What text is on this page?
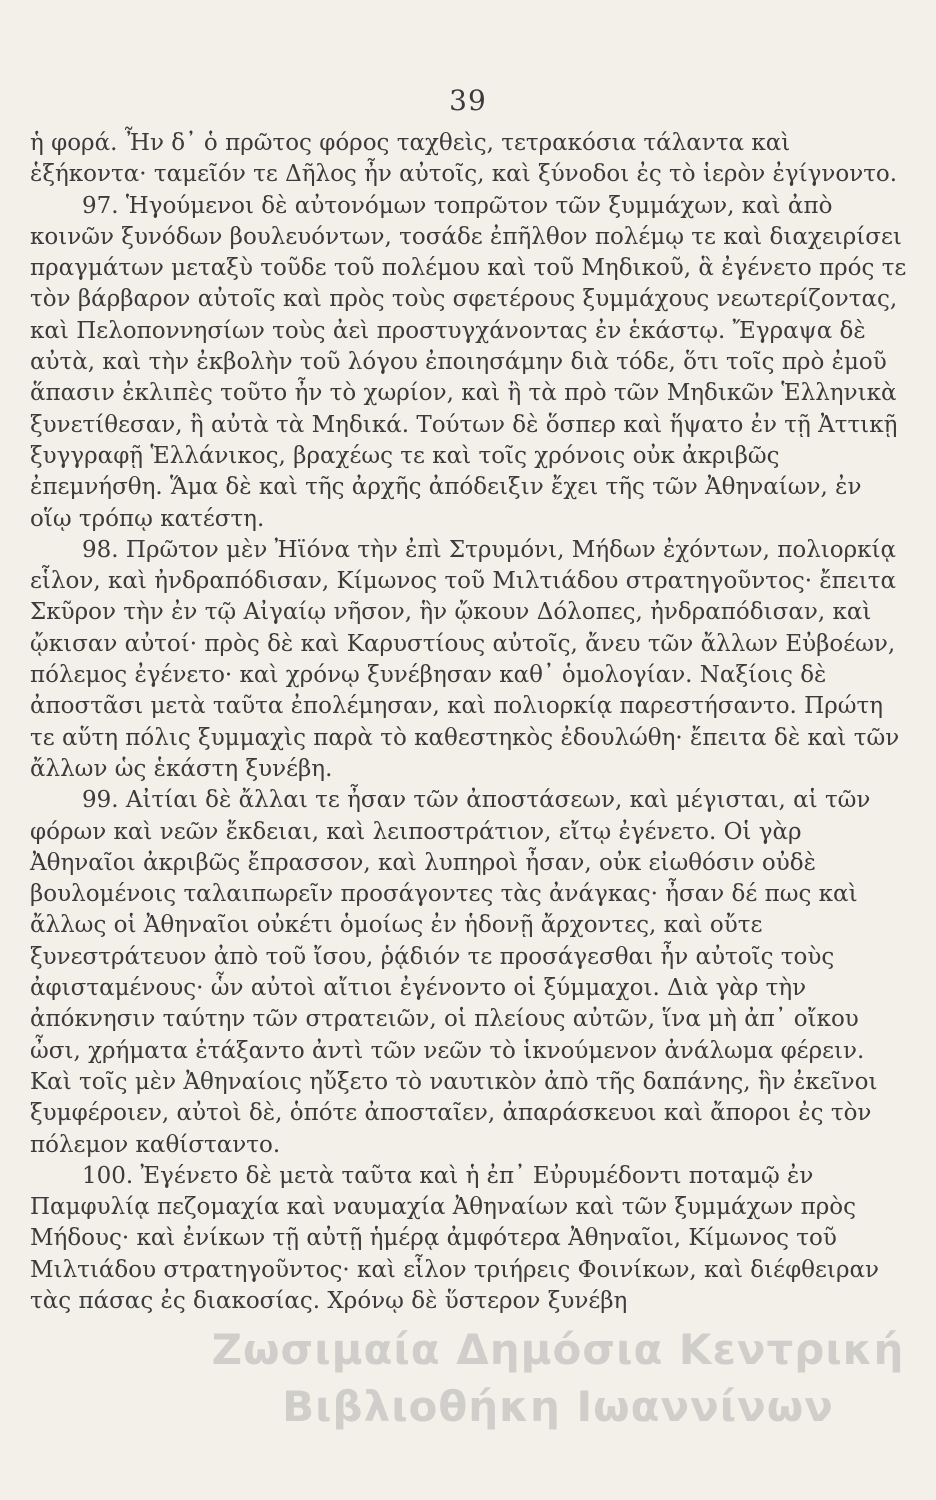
39

ἡ φορά. Ἦν δ᾽ ὁ πρῶτος φόρος ταχθεὶς, τετρακόσια τάλαντα καὶ ἑξήκοντα· ταμεῖόν τε Δῆλος ἦν αὐτοῖς, καὶ ξύνοδοι ἐς τὸ ἱερὸν ἐγίγνοντο.

97. Ἡγούμενοι δὲ αὐτονόμων τοπρῶτον τῶν ξυμμάχων, καὶ ἀπὸ κοινῶν ξυνόδων βουλευόντων, τοσάδε ἐπῆλθον πολέμῳ τε καὶ διαχειρίσει πραγμάτων μεταξὺ τοῦδε τοῦ πολέμου καὶ τοῦ Μηδικοῦ, ἃ ἐγένετο πρός τε τὸν βάρβαρον αὐτοῖς καὶ πρὸς τοὺς σφετέρους ξυμμάχους νεωτερίζοντας, καὶ Πελοποννησίων τοὺς ἀεὶ προστυγχάνοντας ἐν ἑκάστῳ. Ἔγραψα δὲ αὐτὰ, καὶ τὴν ἐκβολὴν τοῦ λόγου ἐποιησάμην διὰ τόδε, ὅτι τοῖς πρὸ ἐμοῦ ἅπασιν ἐκλιπὲς τοῦτο ἦν τὸ χωρίον, καὶ ἢ τὰ πρὸ τῶν Μηδικῶν Ἑλληνικὰ ξυνετίθεσαν, ἢ αὐτὰ τὰ Μηδικά. Τούτων δὲ ὅσπερ καὶ ἥψατο ἐν τῇ Ἀττικῇ ξυγγραφῇ Ἑλλάνικος, βραχέως τε καὶ τοῖς χρόνοις οὐκ ἀκριβῶς ἐπεμνήσθη. Ἅμα δὲ καὶ τῆς ἀρχῆς ἀπόδειξιν ἔχει τῆς τῶν Ἀθηναίων, ἐν οἵῳ τρόπῳ κατέστη.

98. Πρῶτον μὲν Ἠϊόνα τὴν ἐπὶ Στρυμόνι, Μήδων ἐχόντων, πολιορκίᾳ εἷλον, καὶ ἠνδραπόδισαν, Κίμωνος τοῦ Μιλτιάδου στρατηγοῦντος· ἔπειτα Σκῦρον τὴν ἐν τῷ Αἰγαίῳ νῆσον, ἣν ᾤκουν Δόλοπες, ἠνδραπόδισαν, καὶ ᾤκισαν αὐτοί· πρὸς δὲ καὶ Καρυστίους αὐτοῖς, ἄνευ τῶν ἄλλων Εὐβοέων, πόλεμος ἐγένετο· καὶ χρόνῳ ξυνέβησαν καθ᾽ ὁμολογίαν. Ναξίοις δὲ ἀποστᾶσι μετὰ ταῦτα ἐπολέμησαν, καὶ πολιορκίᾳ παρεστήσαντο. Πρώτη τε αὕτη πόλις ξυμμαχὶς παρὰ τὸ καθεστηκὸς ἐδουλώθη· ἔπειτα δὲ καὶ τῶν ἄλλων ὡς ἑκάστη ξυνέβη.

99. Αἰτίαι δὲ ἄλλαι τε ἦσαν τῶν ἀποστάσεων, καὶ μέγισται, αἱ τῶν φόρων καὶ νεῶν ἔκδειαι, καὶ λειποστράτιον, εἴτῳ ἐγένετο. Οἱ γὰρ Ἀθηναῖοι ἀκριβῶς ἔπρασσον, καὶ λυπηροὶ ἦσαν, οὐκ εἰωθόσιν οὐδὲ βουλομένοις ταλαιπωρεῖν προσάγοντες τὰς ἀνάγκας· ἦσαν δέ πως καὶ ἄλλως οἱ Ἀθηναῖοι οὐκέτι ὁμοίως ἐν ἡδονῇ ἄρχοντες, καὶ οὔτε ξυνεστράτευον ἀπὸ τοῦ ἴσου, ῥᾴδιόν τε προσάγεσθαι ἦν αὐτοῖς τοὺς ἀφισταμένους· ὧν αὐτοὶ αἴτιοι ἐγένοντο οἱ ξύμμαχοι. Διὰ γὰρ τὴν ἀπόκνησιν ταύτην τῶν στρατειῶν, οἱ πλείους αὐτῶν, ἵνα μὴ ἀπ᾽ οἴκου ὦσι, χρήματα ἐτάξαντο ἀντὶ τῶν νεῶν τὸ ἱκνούμενον ἀνάλωμα φέρειν. Καὶ τοῖς μὲν Ἀθηναίοις ηὔξετο τὸ ναυτικὸν ἀπὸ τῆς δαπάνης, ἣν ἐκεῖνοι ξυμφέροιεν, αὐτοὶ δὲ, ὁπότε ἀποσταῖεν, ἀπαράσκευοι καὶ ἄποροι ἐς τὸν πόλεμον καθίσταντο.

100. Ἐγένετο δὲ μετὰ ταῦτα καὶ ἡ ἐπ᾽ Εὐρυμέδοντι ποταμῷ ἐν Παμφυλίᾳ πεζομαχία καὶ ναυμαχία Ἀθηναίων καὶ τῶν ξυμμάχων πρὸς Μήδους· καὶ ἐνίκων τῇ αὐτῇ ἡμέρᾳ ἀμφότερα Ἀθηναῖοι, Κίμωνος τοῦ Μιλτιάδου στρατηγοῦντος· καὶ εἷλον τριήρεις Φοινίκων, καὶ διέφθειραν τὰς πάσας ἐς διακοσίας. Χρόνῳ δὲ ὕστερον ξυνέβη

Ζωσιμαία Δημόσια Κεντρική
Βιβλιοθήκη Ιωαννίνων
